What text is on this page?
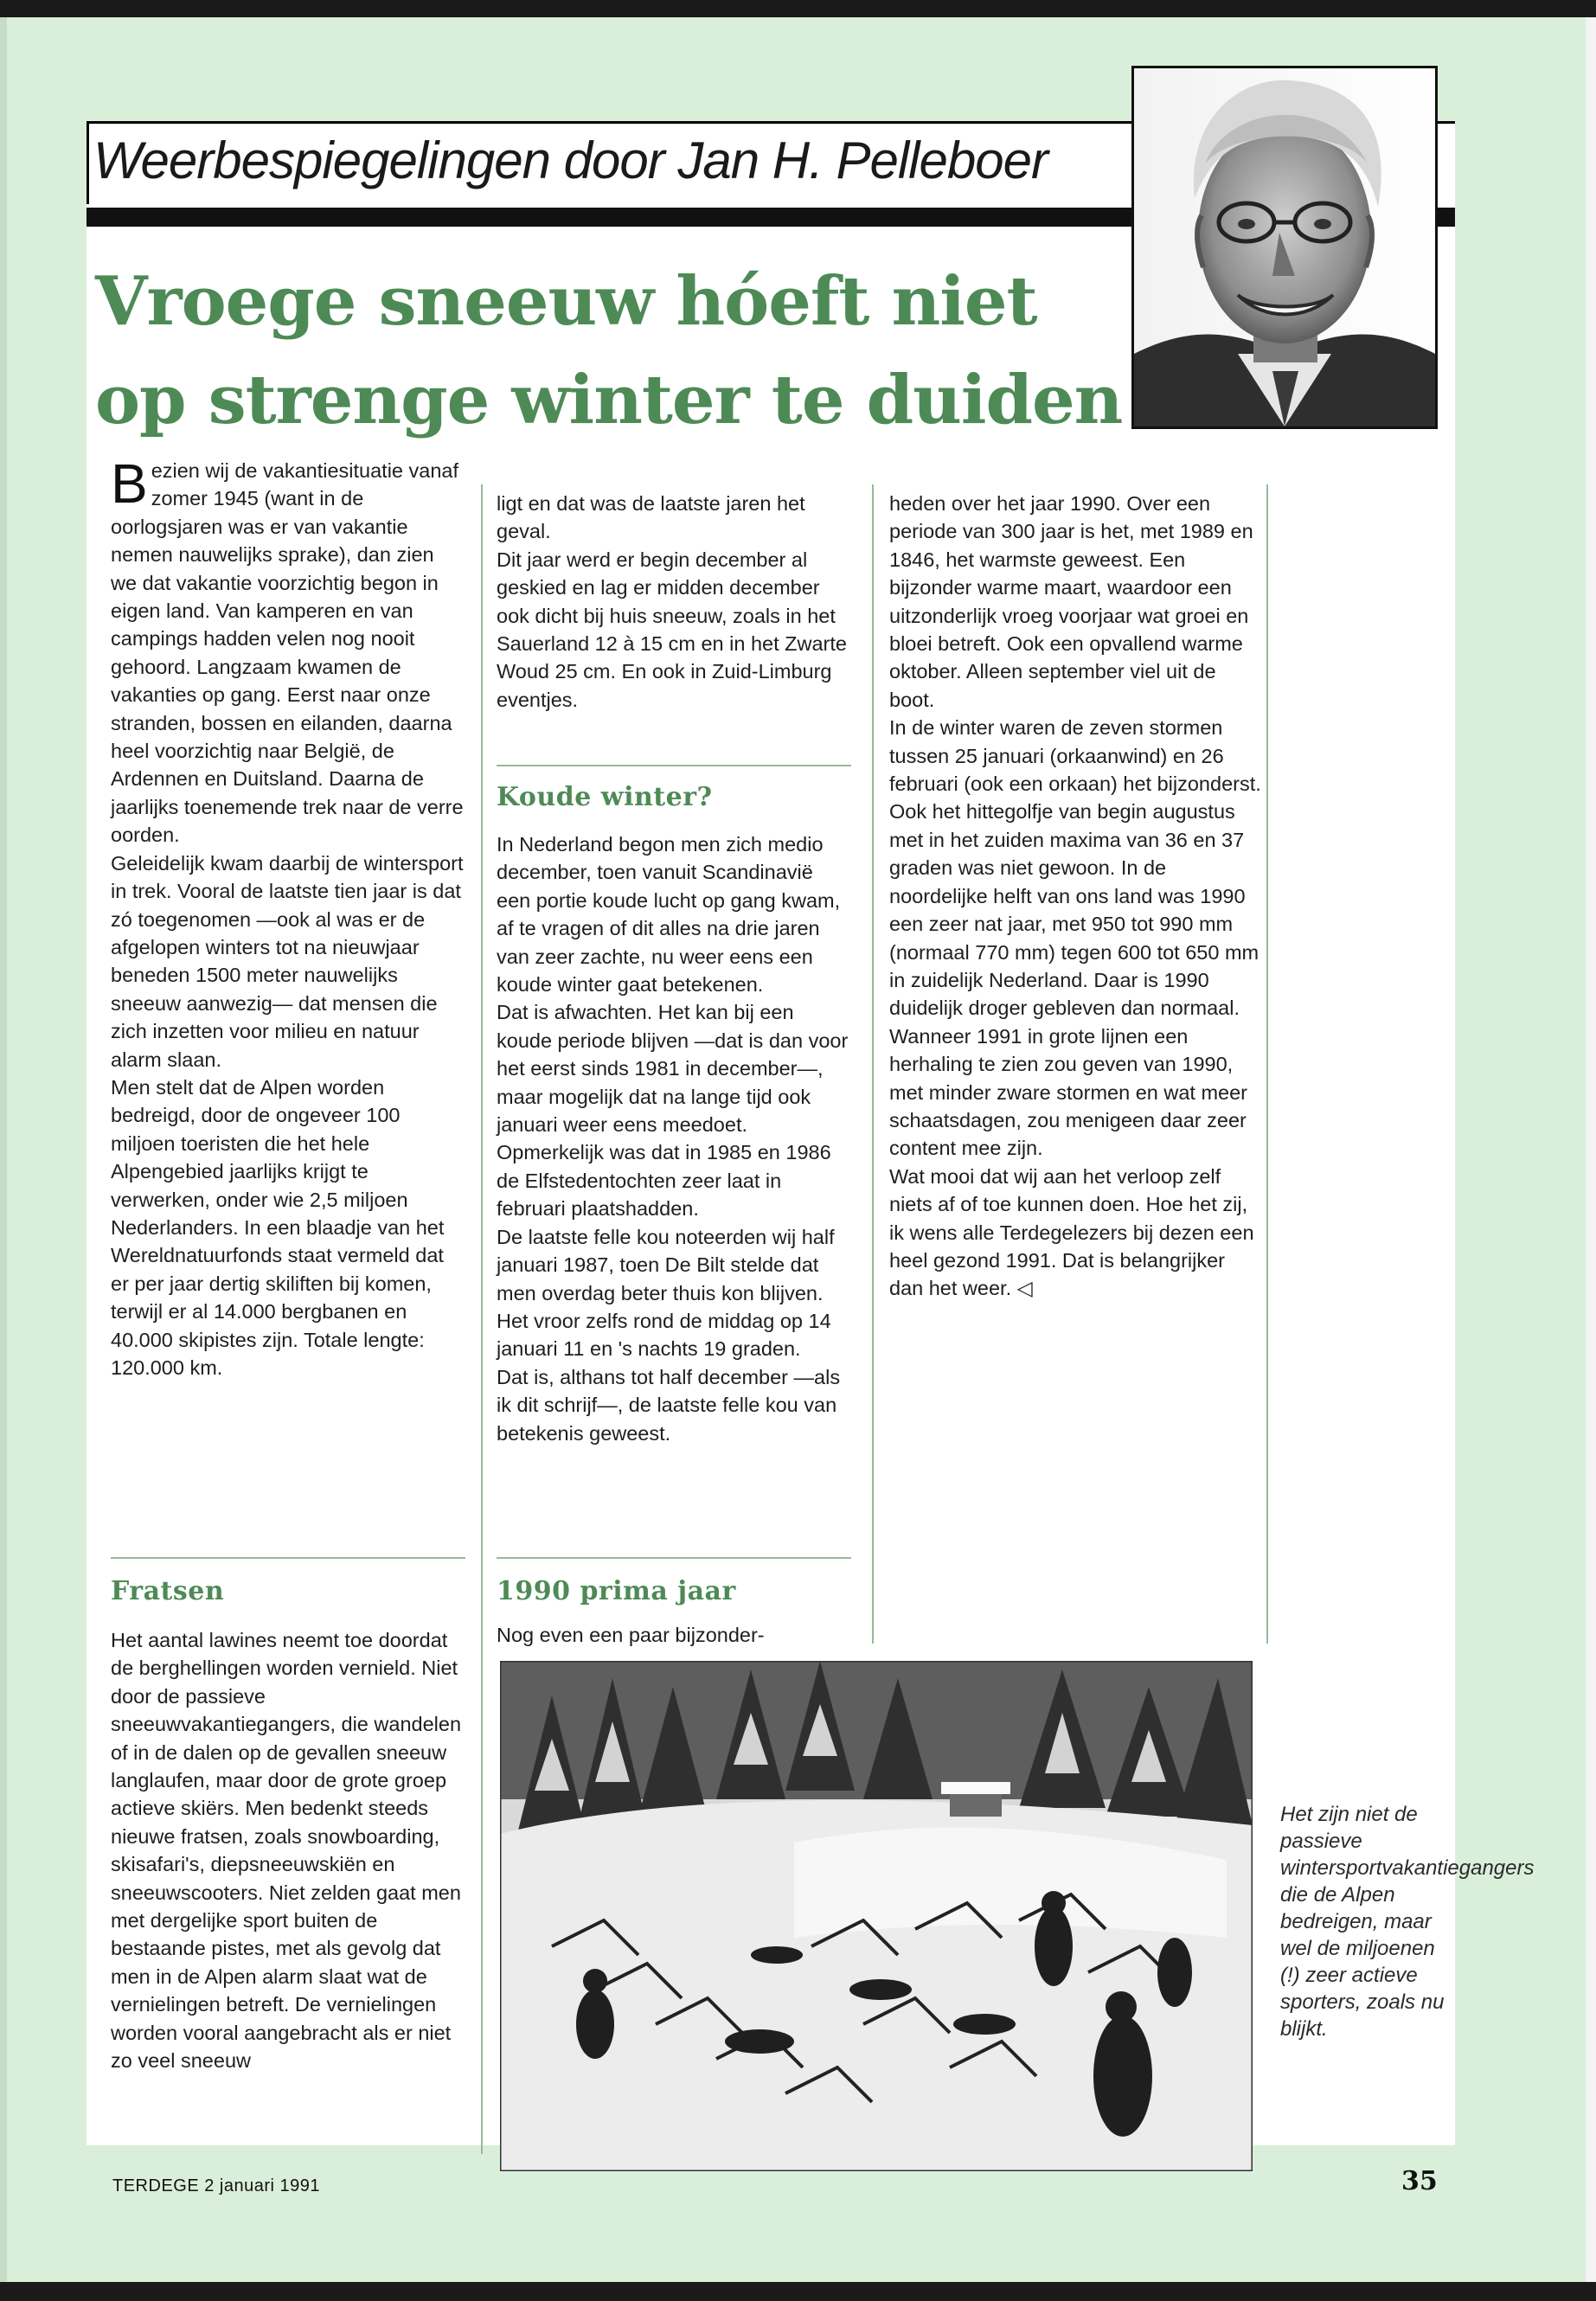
Weerbespiegelingen door Jan H. Pelleboer
Vroege sneeuw hóeft niet
op strenge winter te duiden

Bezien wij de vakantiesituatie vanaf zomer 1945 (want in de oorlogsjaren was er van vakantie nemen nauwelijks sprake), dan zien we dat vakantie voorzichtig begon in eigen land. Van kamperen en van campings hadden velen nog nooit gehoord. Langzaam kwamen de vakanties op gang. Eerst naar onze stranden, bossen en eilanden, daarna heel voorzichtig naar België, de Ardennen en Duitsland. Daarna de jaarlijks toenemende trek naar de verre oorden.

Geleidelijk kwam daarbij de wintersport in trek. Vooral de laatste tien jaar is dat zó toegenomen —ook al was er de afgelopen winters tot na nieuwjaar beneden 1500 meter nauwelijks sneeuw aanwezig— dat mensen die zich inzetten voor milieu en natuur alarm slaan.

Men stelt dat de Alpen worden bedreigd, door de ongeveer 100 miljoen toeristen die het hele Alpengebied jaarlijks krijgt te verwerken, onder wie 2,5 miljoen Nederlanders. In een blaadje van het Wereldnatuurfonds staat vermeld dat er per jaar dertig skiliften bij komen, terwijl er al 14.000 bergbanen en 40.000 skipistes zijn. Totale lengte: 120.000 km.

Fratsen

Het aantal lawines neemt toe doordat de berghellingen worden vernield. Niet door de passieve sneeuwvakantiegangers, die wandelen of in de dalen op de gevallen sneeuw langlaufen, maar door de grote groep actieve skiërs. Men bedenkt steeds nieuwe fratsen, zoals snowboarding, skisafari's, diepsneeuwskiën en sneeuwscooters. Niet zelden gaat men met dergelijke sport buiten de bestaande pistes, met als gevolg dat men in de Alpen alarm slaat wat de vernielingen betreft. De vernielingen worden vooral aangebracht als er niet zo veel sneeuw

ligt en dat was de laatste jaren het geval.

Dit jaar werd er begin december al geskied en lag er midden december ook dicht bij huis sneeuw, zoals in het Sauerland 12 à 15 cm en in het Zwarte Woud 25 cm. En ook in Zuid-Limburg eventjes.

Koude winter?

In Nederland begon men zich medio december, toen vanuit Scandinavië een portie koude lucht op gang kwam, af te vragen of dit alles na drie jaren van zeer zachte, nu weer eens een koude winter gaat betekenen.

Dat is afwachten. Het kan bij een koude periode blijven —dat is dan voor het eerst sinds 1981 in december—, maar mogelijk dat na lange tijd ook januari weer eens meedoet.

Opmerkelijk was dat in 1985 en 1986 de Elfstedentochten zeer laat in februari plaatshadden.

De laatste felle kou noteerden wij half januari 1987, toen De Bilt stelde dat men overdag beter thuis kon blijven. Het vroor zelfs rond de middag op 14 januari 11 en 's nachts 19 graden.

Dat is, althans tot half december —als ik dit schrijf—, de laatste felle kou van betekenis geweest.

1990 prima jaar

Nog even een paar bijzonder-

heden over het jaar 1990. Over een periode van 300 jaar is het, met 1989 en 1846, het warmste geweest. Een bijzonder warme maart, waardoor een uitzonderlijk vroeg voorjaar wat groei en bloei betreft. Ook een opvallend warme oktober. Alleen september viel uit de boot.

In de winter waren de zeven stormen tussen 25 januari (orkaanwind) en 26 februari (ook een orkaan) het bijzonderst.

Ook het hittegolfje van begin augustus met in het zuiden maxima van 36 en 37 graden was niet gewoon. In de noordelijke helft van ons land was 1990 een zeer nat jaar, met 950 tot 990 mm (normaal 770 mm) tegen 600 tot 650 mm in zuidelijk Nederland. Daar is 1990 duidelijk droger gebleven dan normaal.

Wanneer 1991 in grote lijnen een herhaling te zien zou geven van 1990, met minder zware stormen en wat meer schaatsdagen, zou menigeen daar zeer content mee zijn.

Wat mooi dat wij aan het verloop zelf niets af of toe kunnen doen. Hoe het zij, ik wens alle Terdegelezers bij dezen een heel gezond 1991. Dat is belangrijker dan het weer. ◁

Het zijn niet de passieve wintersportvakantiegangers die de Alpen bedreigen, maar wel de miljoenen (!) zeer actieve sporters, zoals nu blijkt.
TERDEGE 2 januari 1991	35
